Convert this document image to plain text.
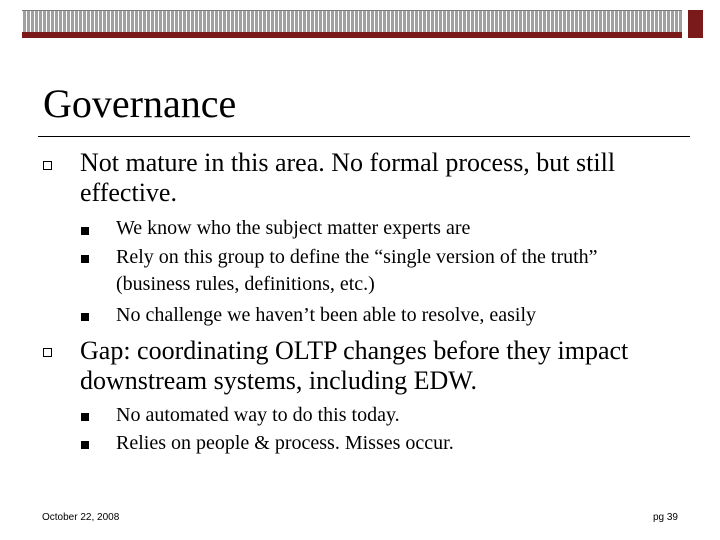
Governance
Not mature in this area. No formal process, but still effective.
We know who the subject matter experts are
Rely on this group to define the “single version of the truth” (business rules, definitions, etc.)
No challenge we haven’t been able to resolve, easily
Gap: coordinating OLTP changes before they impact downstream systems, including EDW.
No automated way to do this today.
Relies on people & process. Misses occur.
October 22, 2008	pg 39
